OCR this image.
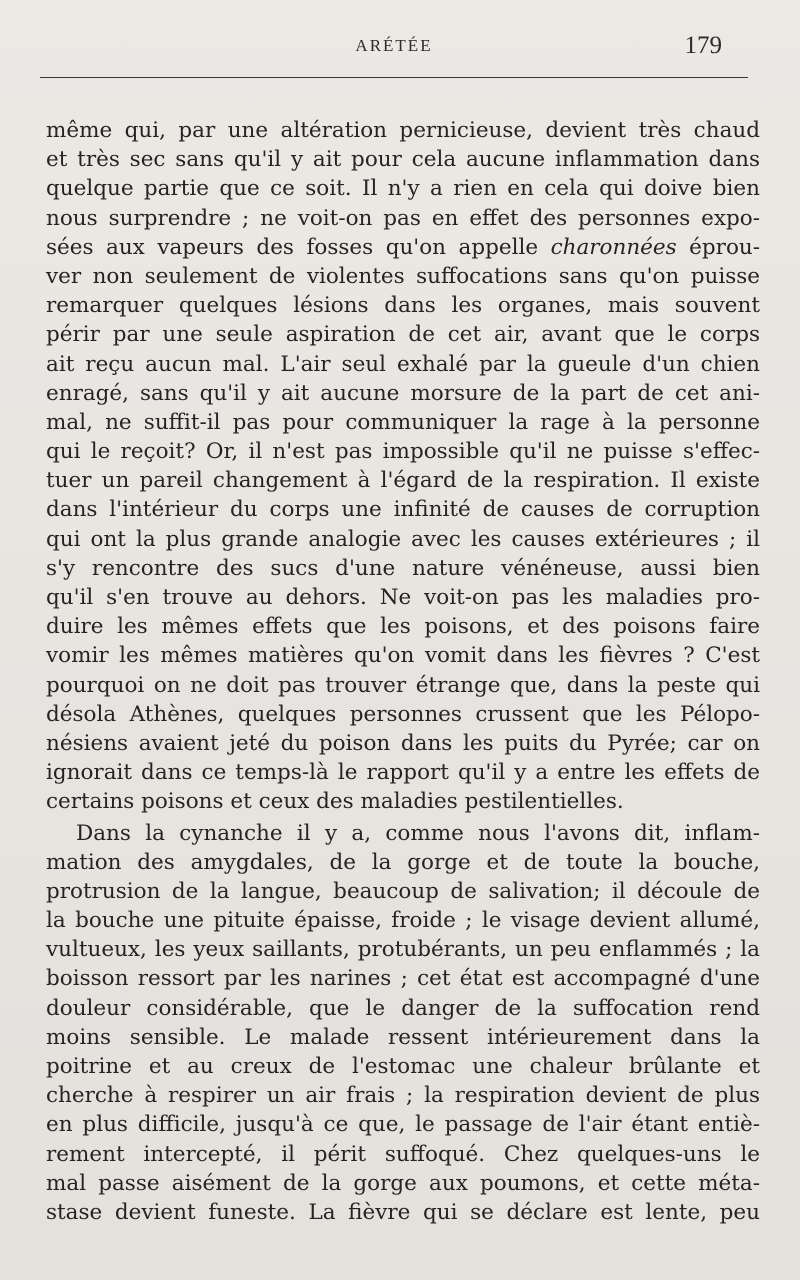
ARÉTÉE	179
même qui, par une altération pernicieuse, devient très chaud
et très sec sans qu'il y ait pour cela aucune inflammation dans
quelque partie que ce soit. Il n'y a rien en cela qui doive bien
nous surprendre ; ne voit-on pas en effet des personnes expo-
sées aux vapeurs des fosses qu'on appelle charonnées éprou-
ver non seulement de violentes suffocations sans qu'on puisse
remarquer quelques lésions dans les organes, mais souvent
périr par une seule aspiration de cet air, avant que le corps
ait reçu aucun mal. L'air seul exhalé par la gueule d'un chien
enragé, sans qu'il y ait aucune morsure de la part de cet ani-
mal, ne suffit-il pas pour communiquer la rage à la personne
qui le reçoit? Or, il n'est pas impossible qu'il ne puisse s'effec-
tuer un pareil changement à l'égard de la respiration. Il existe
dans l'intérieur du corps une infinité de causes de corruption
qui ont la plus grande analogie avec les causes extérieures ; il
s'y rencontre des sucs d'une nature vénéneuse, aussi bien
qu'il s'en trouve au dehors. Ne voit-on pas les maladies pro-
duire les mêmes effets que les poisons, et des poisons faire
vomir les mêmes matières qu'on vomit dans les fièvres ? C'est
pourquoi on ne doit pas trouver étrange que, dans la peste qui
désola Athènes, quelques personnes crussent que les Pélopo-
nésiens avaient jeté du poison dans les puits du Pyrée; car on
ignorait dans ce temps-là le rapport qu'il y a entre les effets de
certains poisons et ceux des maladies pestilentielles.
Dans la cynanche il y a, comme nous l'avons dit, inflam-
mation des amygdales, de la gorge et de toute la bouche,
protrusion de la langue, beaucoup de salivation; il découle de
la bouche une pituite épaisse, froide ; le visage devient allumé,
vultueux, les yeux saillants, protubérants, un peu enflammés ; la
boisson ressort par les narines ; cet état est accompagné d'une
douleur considérable, que le danger de la suffocation rend
moins sensible. Le malade ressent intérieurement dans la
poitrine et au creux de l'estomac une chaleur brûlante et
cherche à respirer un air frais ; la respiration devient de plus
en plus difficile, jusqu'à ce que, le passage de l'air étant entiè-
rement intercepté, il périt suffoqué. Chez quelques-uns le
mal passe aisément de la gorge aux poumons, et cette méta-
stase devient funeste. La fièvre qui se déclare est lente, peu
